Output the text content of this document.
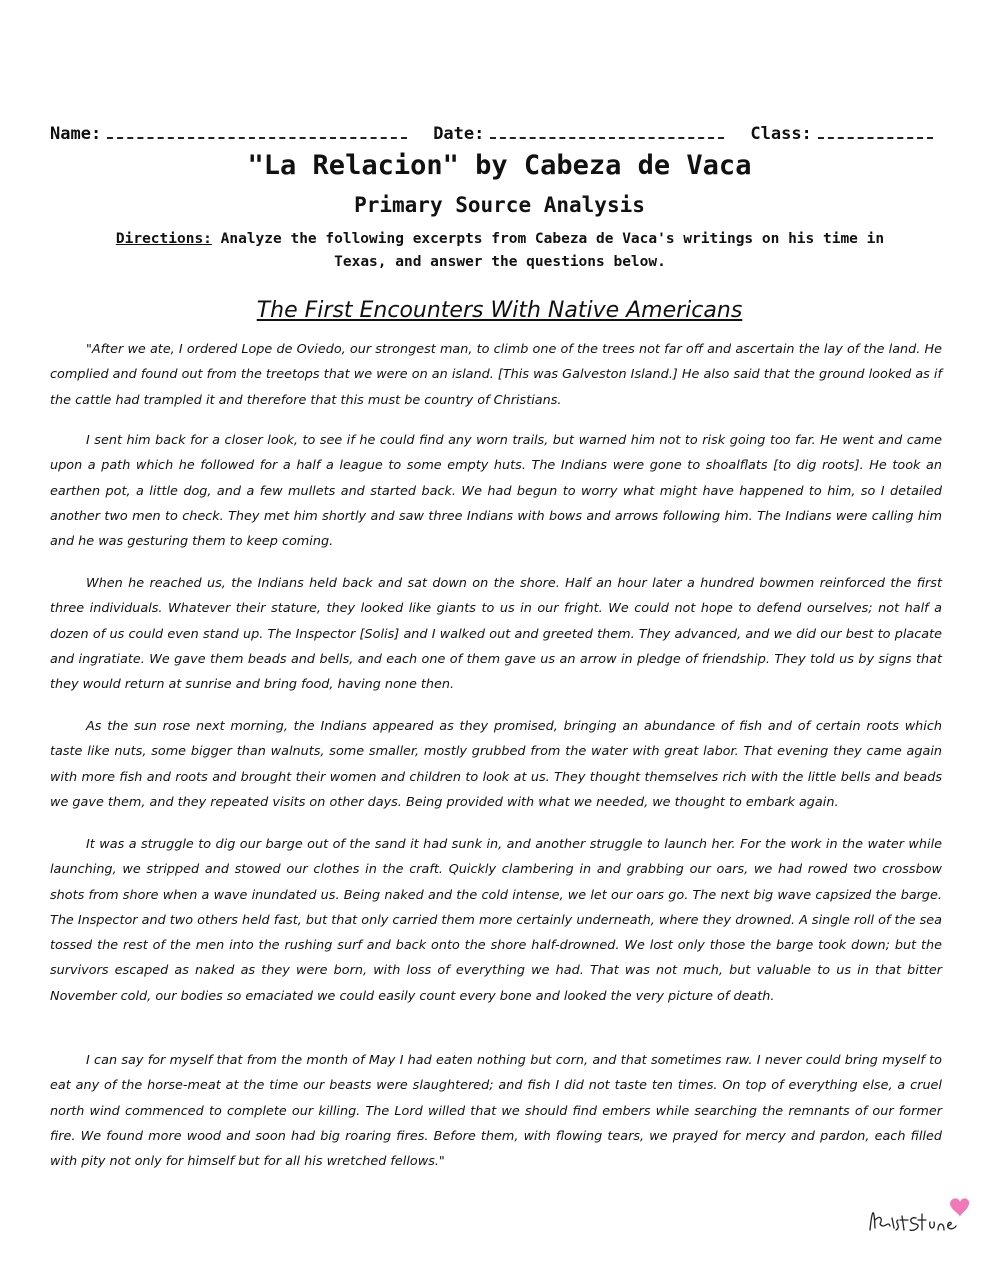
Name:	Date:	Class:
"La Relacion" by Cabeza de Vaca
Primary Source Analysis
Directions: Analyze the following excerpts from Cabeza de Vaca's writings on his time in Texas, and answer the questions below.
The First Encounters With Native Americans

"After we ate, I ordered Lope de Oviedo, our strongest man, to climb one of the trees not far off and ascertain the lay of the land. He complied and found out from the treetops that we were on an island. [This was Galveston Island.] He also said that the ground looked as if the cattle had trampled it and therefore that this must be country of Christians.

I sent him back for a closer look, to see if he could find any worn trails, but warned him not to risk going too far. He went and came upon a path which he followed for a half a league to some empty huts. The Indians were gone to shoalflats [to dig roots]. He took an earthen pot, a little dog, and a few mullets and started back. We had begun to worry what might have happened to him, so I detailed another two men to check. They met him shortly and saw three Indians with bows and arrows following him. The Indians were calling him and he was gesturing them to keep coming.

When he reached us, the Indians held back and sat down on the shore. Half an hour later a hundred bowmen reinforced the first three individuals. Whatever their stature, they looked like giants to us in our fright. We could not hope to defend ourselves; not half a dozen of us could even stand up. The Inspector [Solis] and I walked out and greeted them. They advanced, and we did our best to placate and ingratiate. We gave them beads and bells, and each one of them gave us an arrow in pledge of friendship. They told us by signs that they would return at sunrise and bring food, having none then.

As the sun rose next morning, the Indians appeared as they promised, bringing an abundance of fish and of certain roots which taste like nuts, some bigger than walnuts, some smaller, mostly grubbed from the water with great labor. That evening they came again with more fish and roots and brought their women and children to look at us. They thought themselves rich with the little bells and beads we gave them, and they repeated visits on other days. Being provided with what we needed, we thought to embark again.

It was a struggle to dig our barge out of the sand it had sunk in, and another struggle to launch her. For the work in the water while launching, we stripped and stowed our clothes in the craft. Quickly clambering in and grabbing our oars, we had rowed two crossbow shots from shore when a wave inundated us. Being naked and the cold intense, we let our oars go. The next big wave capsized the barge. The Inspector and two others held fast, but that only carried them more certainly underneath, where they drowned. A single roll of the sea tossed the rest of the men into the rushing surf and back onto the shore half-drowned. We lost only those the barge took down; but the survivors escaped as naked as they were born, with loss of everything we had. That was not much, but valuable to us in that bitter November cold, our bodies so emaciated we could easily count every bone and looked the very picture of death.

I can say for myself that from the month of May I had eaten nothing but corn, and that sometimes raw. I never could bring myself to eat any of the horse-meat at the time our beasts were slaughtered; and fish I did not taste ten times. On top of everything else, a cruel north wind commenced to complete our killing. The Lord willed that we should find embers while searching the remnants of our former fire. We found more wood and soon had big roaring fires. Before them, with flowing tears, we prayed for mercy and pardon, each filled with pity not only for himself but for all his wretched fellows."
